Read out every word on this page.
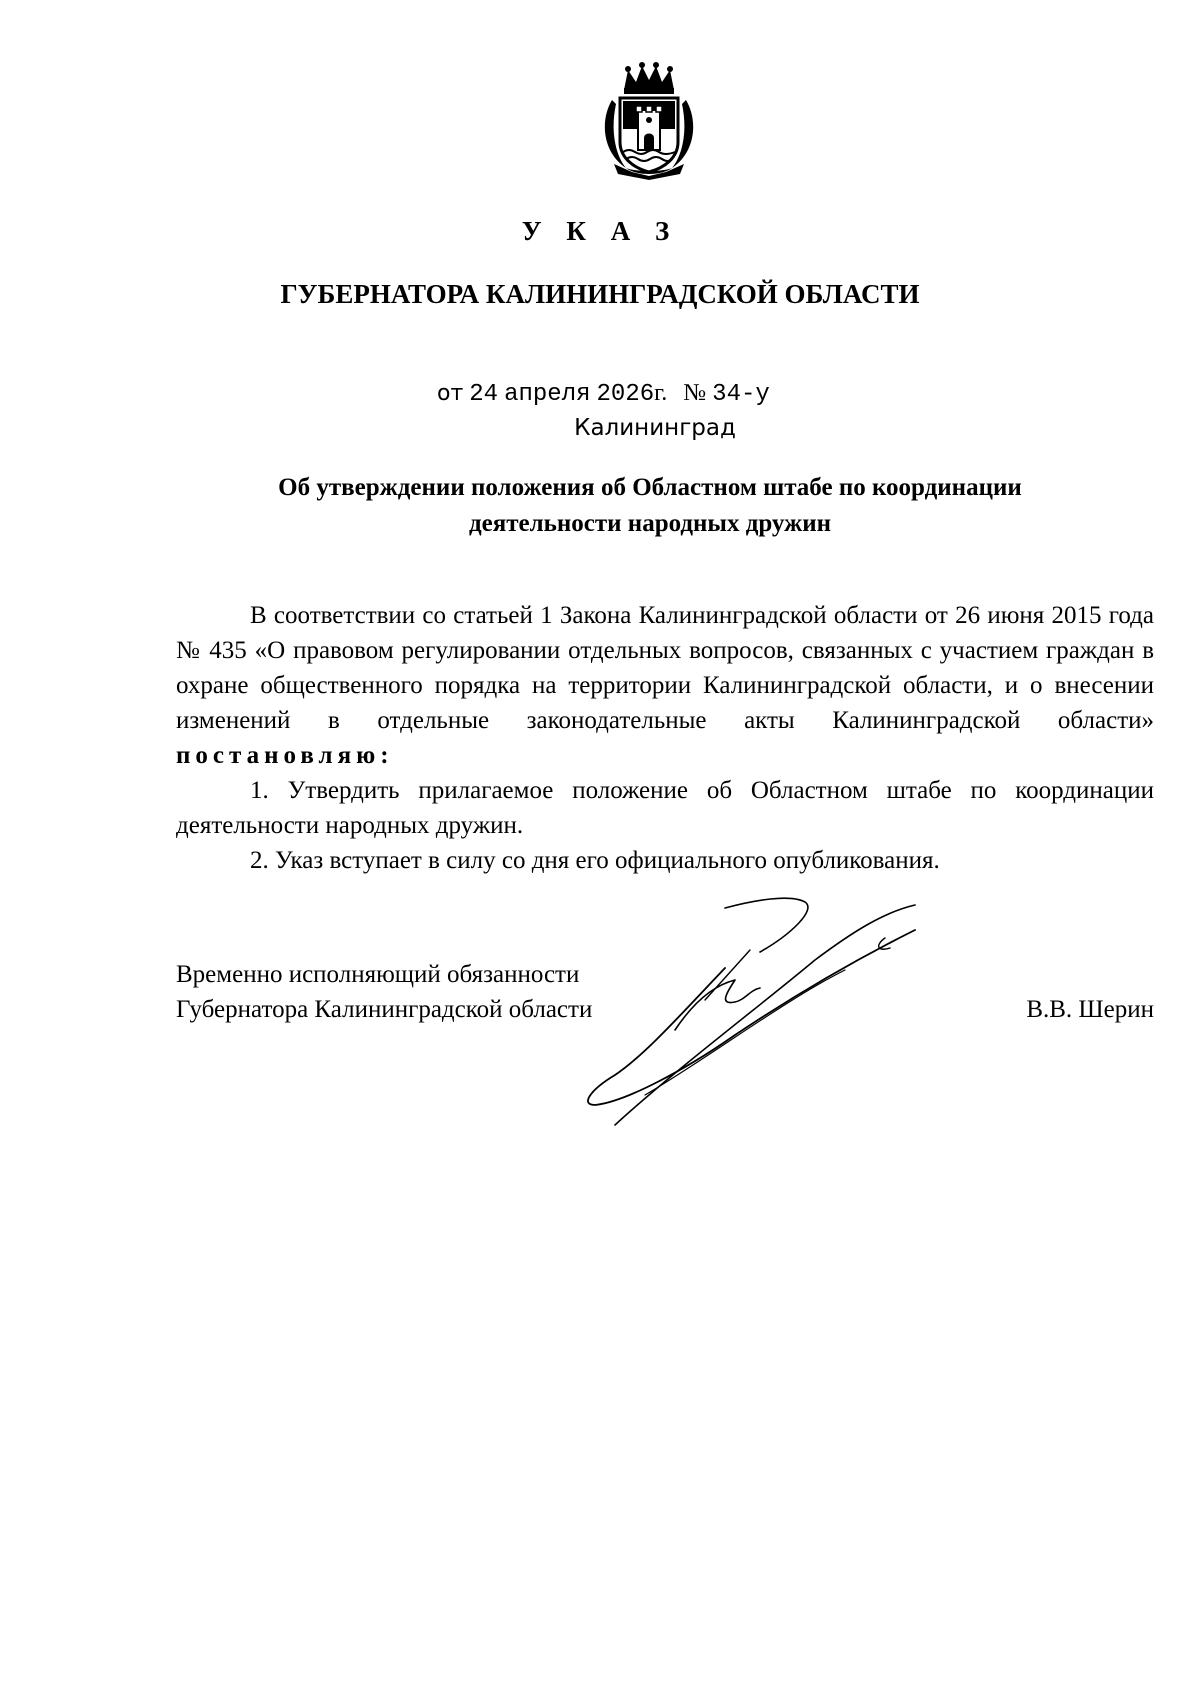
У К А З
ГУБЕРНАТОРА КАЛИНИНГРАДСКОЙ ОБЛАСТИ
от 24 апреля 2026г. № 34-у
Калининград
Об утверждении положения об Областном штабе по координации деятельности народных дружин

В соответствии со статьей 1 Закона Калининградской области от 26 июня 2015 года № 435 «О правовом регулировании отдельных вопросов, связанных с участием граждан в охране общественного порядка на территории Калининградской области, и о внесении изменений в отдельные законодательные акты Калининградской области» постановляю:

1. Утвердить прилагаемое положение об Областном штабе по координации деятельности народных дружин.

2. Указ вступает в силу со дня его официального опубликования.

Временно исполняющий обязанности
Губернатора Калининградской области	В.В. Шерин
